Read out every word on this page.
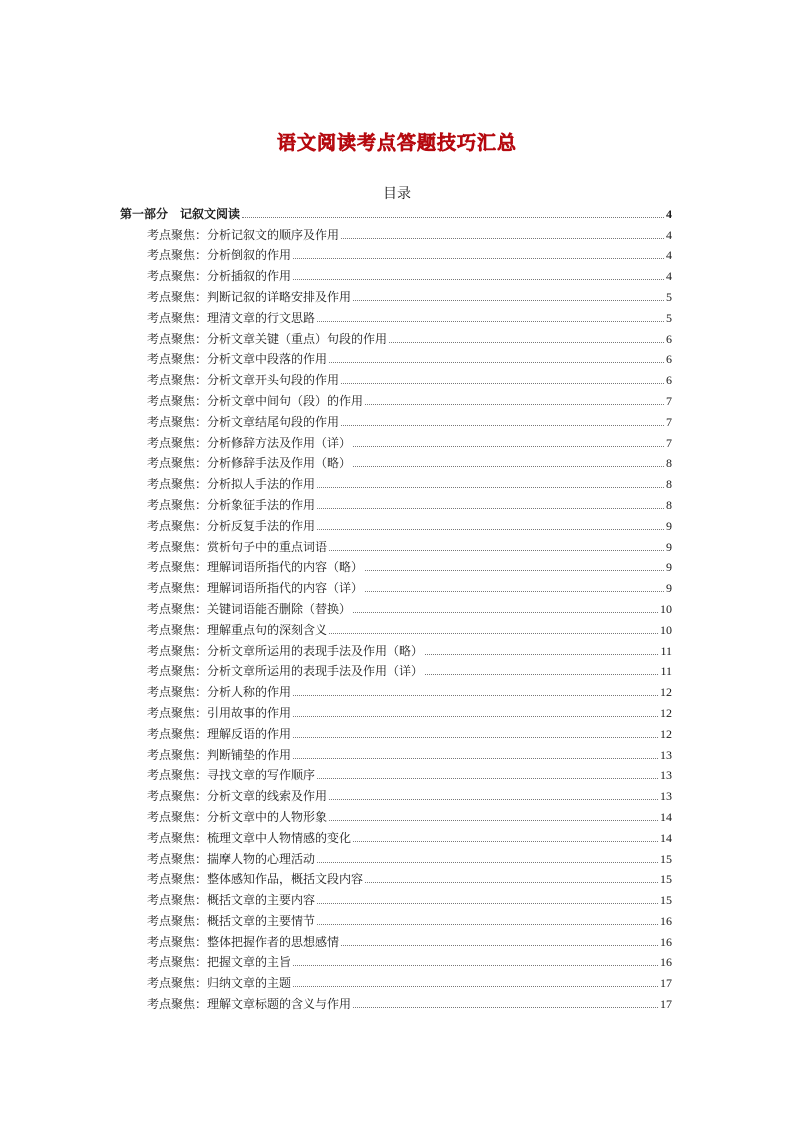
语文阅读考点答题技巧汇总
目录
第一部分　记叙文阅读	4
考点聚焦：分析记叙文的顺序及作用	4
考点聚焦：分析倒叙的作用	4
考点聚焦：分析插叙的作用	4
考点聚焦：判断记叙的详略安排及作用	5
考点聚焦：理清文章的行文思路	5
考点聚焦：分析文章关键（重点）句段的作用	6
考点聚焦：分析文章中段落的作用	6
考点聚焦：分析文章开头句段的作用	6
考点聚焦：分析文章中间句（段）的作用	7
考点聚焦：分析文章结尾句段的作用	7
考点聚焦：分析修辞方法及作用（详）	7
考点聚焦：分析修辞手法及作用（略）	8
考点聚焦：分析拟人手法的作用	8
考点聚焦：分析象征手法的作用	8
考点聚焦：分析反复手法的作用	9
考点聚焦：赏析句子中的重点词语	9
考点聚焦：理解词语所指代的内容（略）	9
考点聚焦：理解词语所指代的内容（详）	9
考点聚焦：关键词语能否删除（替换）	10
考点聚焦：理解重点句的深刻含义	10
考点聚焦：分析文章所运用的表现手法及作用（略）	11
考点聚焦：分析文章所运用的表现手法及作用（详）	11
考点聚焦：分析人称的作用	12
考点聚焦：引用故事的作用	12
考点聚焦：理解反语的作用	12
考点聚焦：判断铺垫的作用	13
考点聚焦：寻找文章的写作顺序	13
考点聚焦：分析文章的线索及作用	13
考点聚焦：分析文章中的人物形象	14
考点聚焦：梳理文章中人物情感的变化	14
考点聚焦：揣摩人物的心理活动	15
考点聚焦：整体感知作品，概括文段内容	15
考点聚焦：概括文章的主要内容	15
考点聚焦：概括文章的主要情节	16
考点聚焦：整体把握作者的思想感情	16
考点聚焦：把握文章的主旨	16
考点聚焦：归纳文章的主题	17
考点聚焦：理解文章标题的含义与作用	17
